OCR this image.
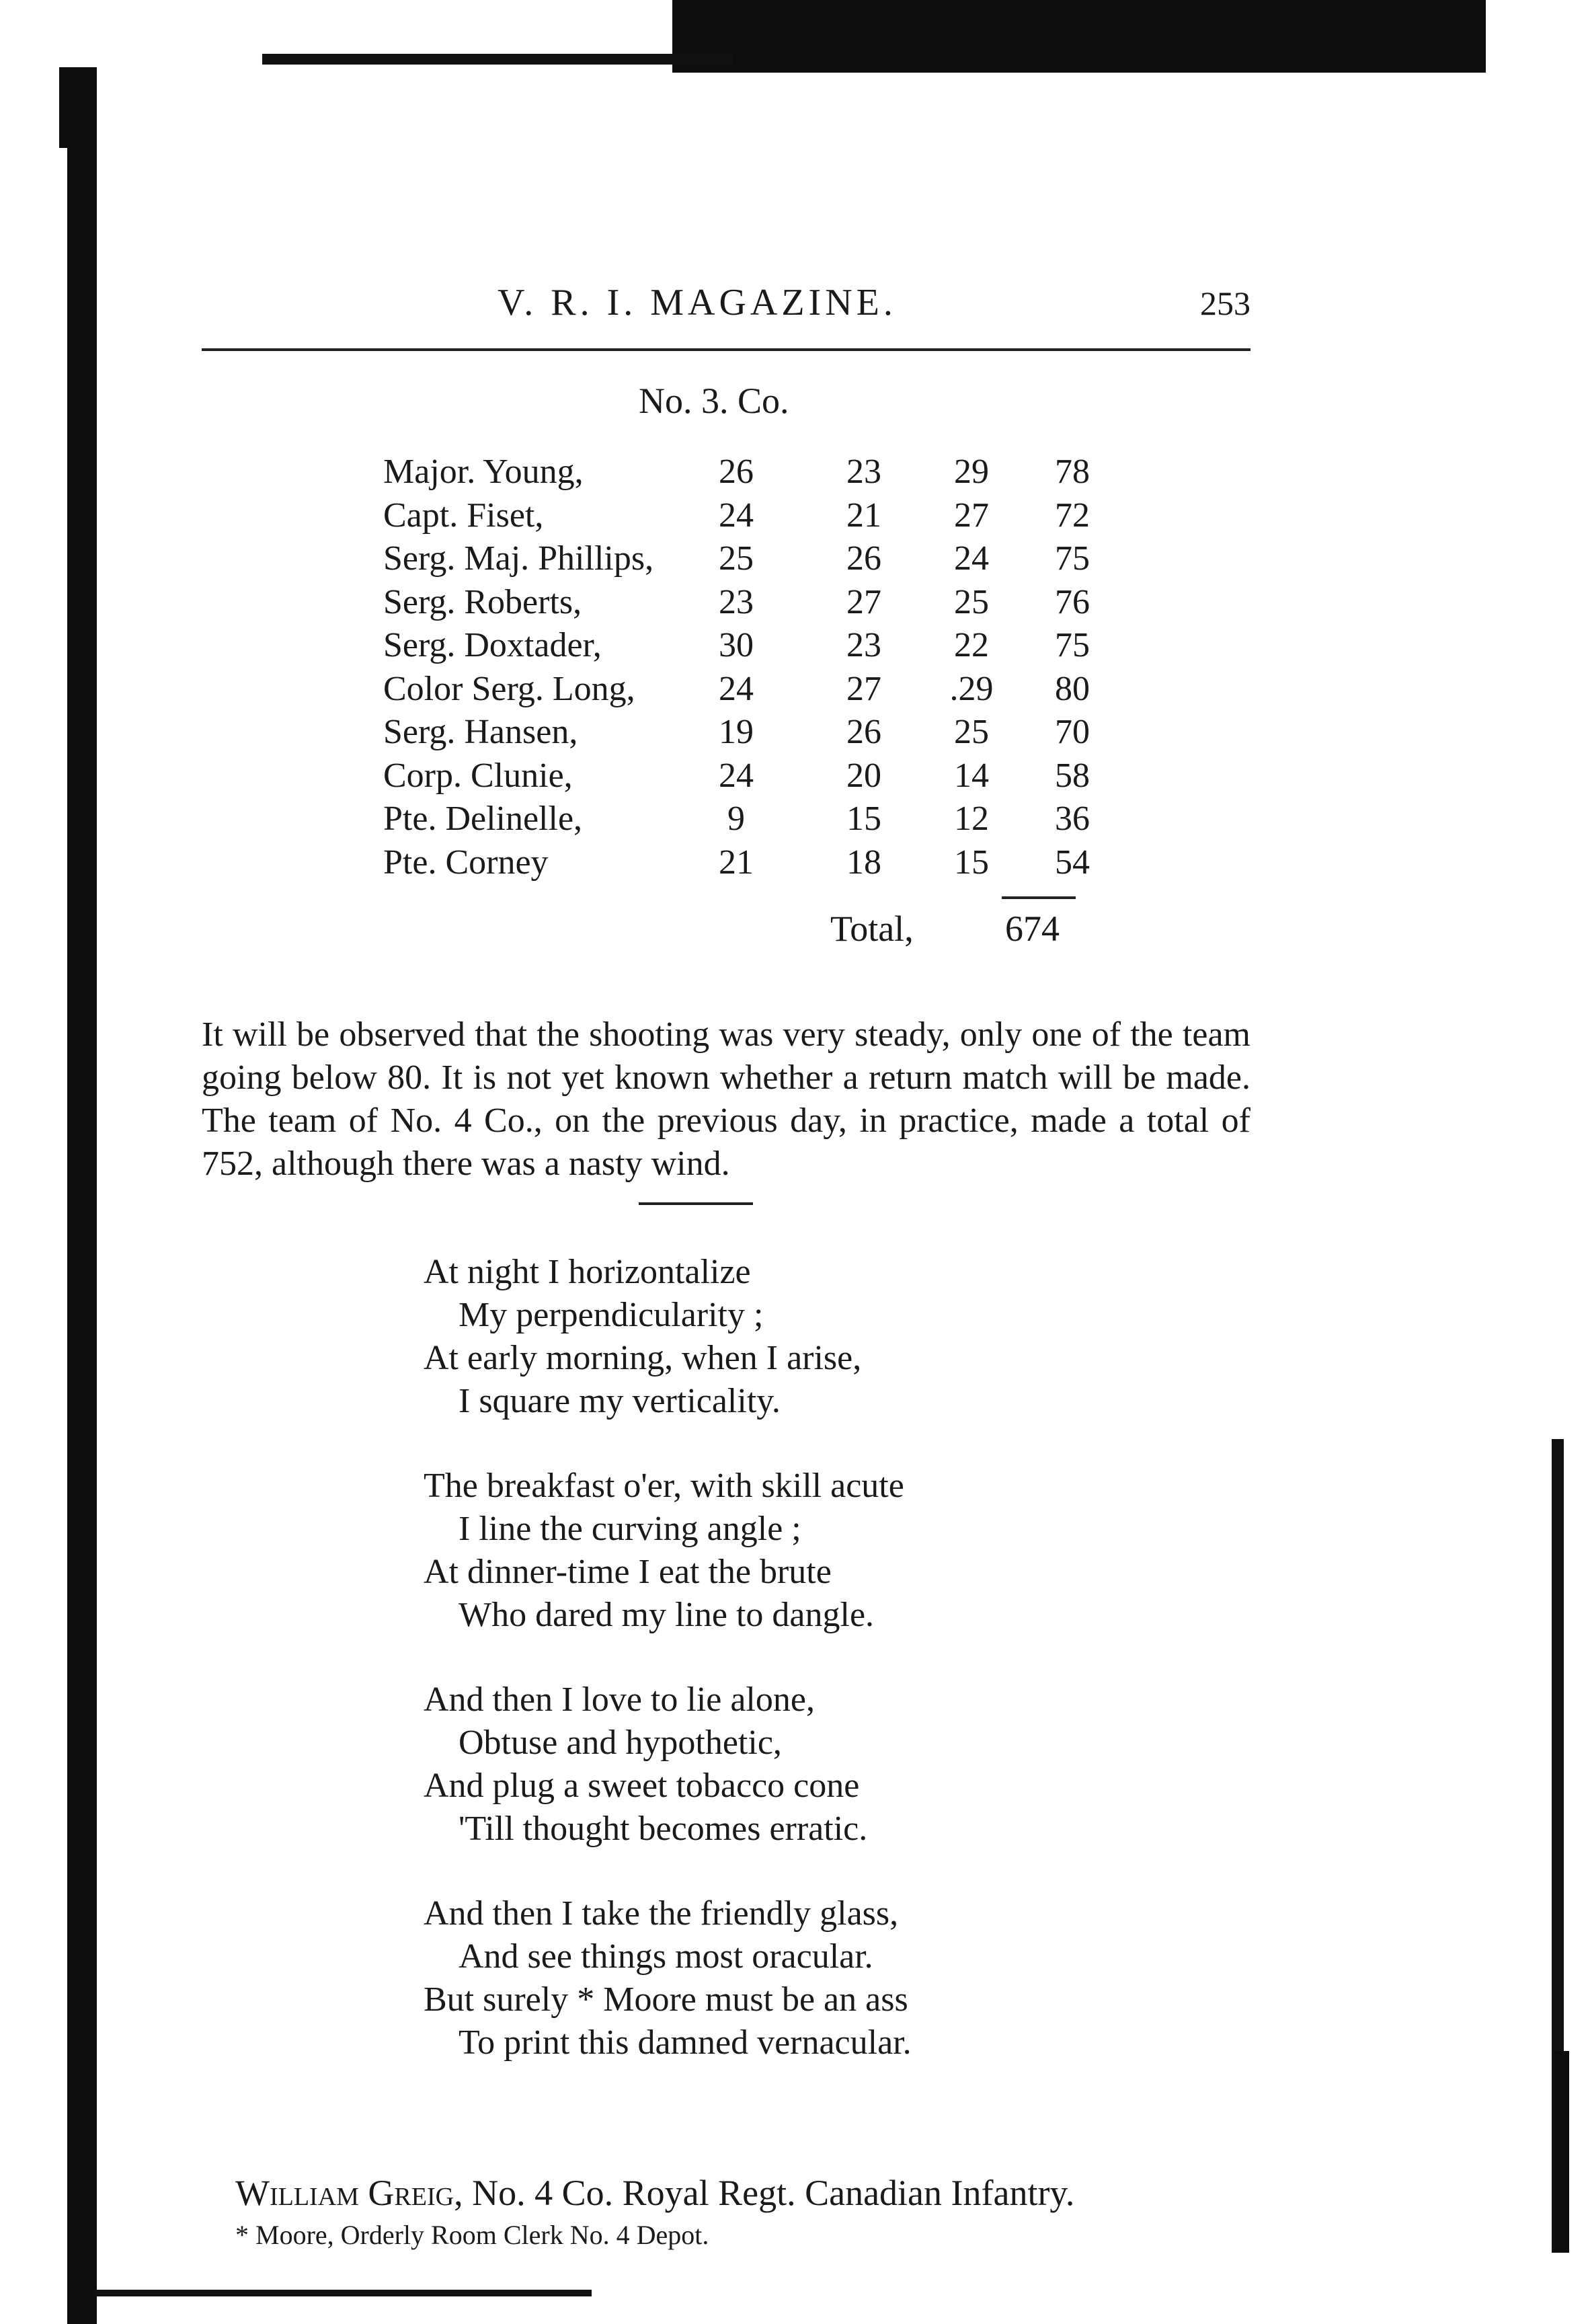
V. R. I. MAGAZINE.	253
No. 3. Co.
Major. Young,	26	23	29	78
Capt. Fiset,	24	21	27	72
Serg. Maj. Phillips,	25	26	24	75
Serg. Roberts,	23	27	25	76
Serg. Doxtader,	30	23	22	75
Color Serg. Long,	24	27	.29	80
Serg. Hansen,	19	26	25	70
Corp. Clunie,	24	20	14	58
Pte. Delinelle,	9	15	12	36
Pte. Corney	21	18	15	54
Total,	674

It will be observed that the shooting was very steady, only one of the team going below 80. It is not yet known whether a return match will be made. The team of No. 4 Co., on the previous day, in practice, made a total of 752, although there was a nasty wind.

At night I horizontalize
My perpendicularity ;
At early morning, when I arise,
I square my verticality.
The breakfast o'er, with skill acute
I line the curving angle ;
At dinner-time I eat the brute
Who dared my line to dangle.
And then I love to lie alone,
Obtuse and hypothetic,
And plug a sweet tobacco cone
'Till thought becomes erratic.
And then I take the friendly glass,
And see things most oracular.
But surely * Moore must be an ass
To print this damned vernacular.
William Greig, No. 4 Co. Royal Regt. Canadian Infantry.
* Moore, Orderly Room Clerk No. 4 Depot.
